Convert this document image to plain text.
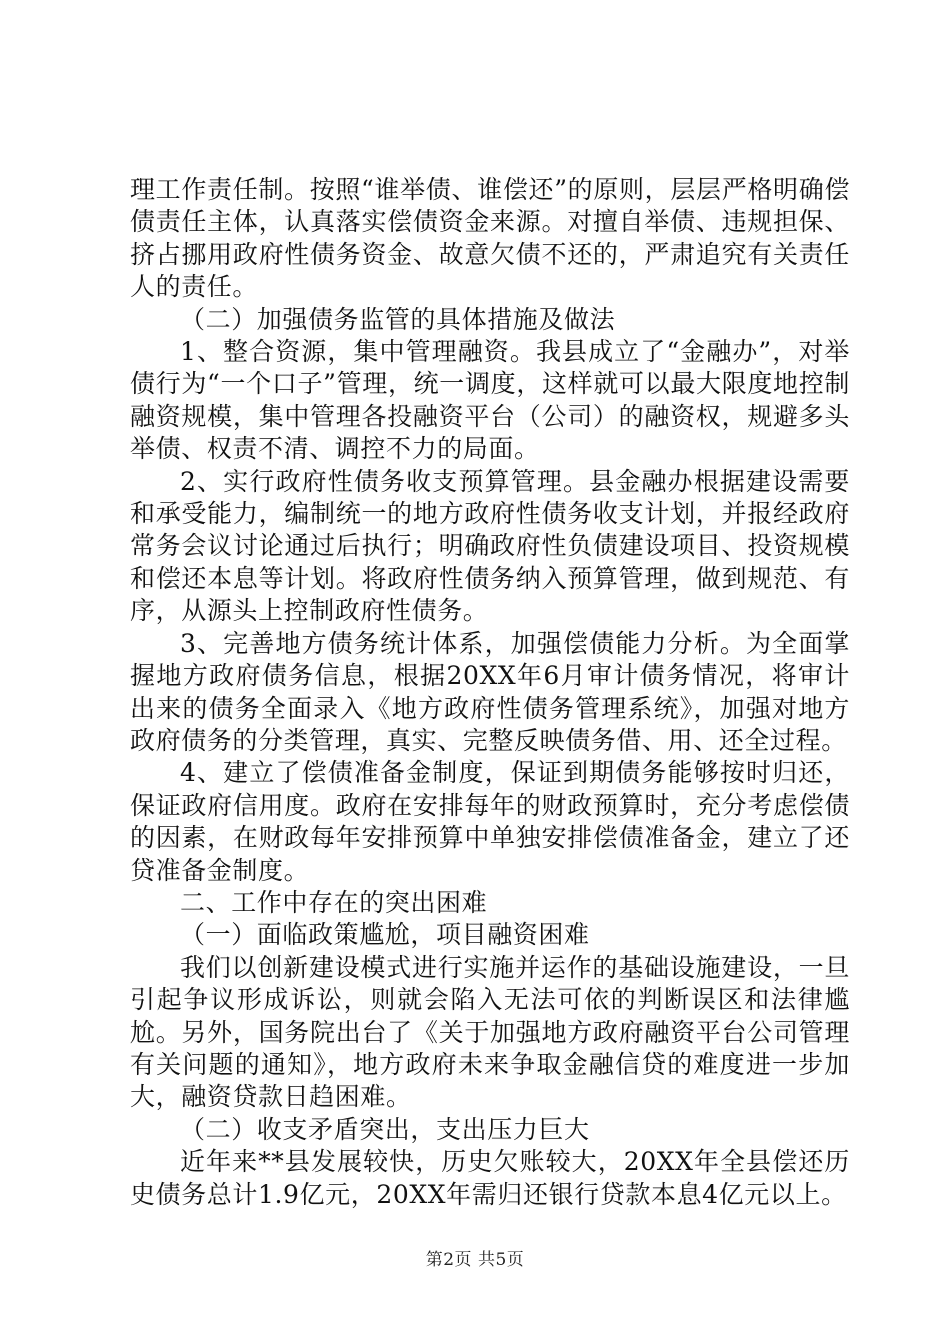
理工作责任制。按照“谁举债、谁偿还”的原则，层层严格明确偿债责任主体，认真落实偿债资金来源。对擅自举债、违规担保、挤占挪用政府性债务资金、故意欠债不还的，严肃追究有关责任人的责任。

（二）加强债务监管的具体措施及做法

1、整合资源，集中管理融资。我县成立了“金融办”，对举债行为“一个口子”管理，统一调度，这样就可以最大限度地控制融资规模，集中管理各投融资平台（公司）的融资权，规避多头举债、权责不清、调控不力的局面。

2、实行政府性债务收支预算管理。县金融办根据建设需要和承受能力，编制统一的地方政府性债务收支计划，并报经政府常务会议讨论通过后执行；明确政府性负债建设项目、投资规模和偿还本息等计划。将政府性债务纳入预算管理，做到规范、有序，从源头上控制政府性债务。

3、完善地方债务统计体系，加强偿债能力分析。为全面掌握地方政府债务信息，根据20XX年6月审计债务情况，将审计出来的债务全面录入《地方政府性债务管理系统》，加强对地方政府债务的分类管理，真实、完整反映债务借、用、还全过程。

4、建立了偿债准备金制度，保证到期债务能够按时归还，保证政府信用度。政府在安排每年的财政预算时，充分考虑偿债的因素，在财政每年安排预算中单独安排偿债准备金，建立了还贷准备金制度。

二、工作中存在的突出困难

（一）面临政策尴尬，项目融资困难

我们以创新建设模式进行实施并运作的基础设施建设，一旦引起争议形成诉讼，则就会陷入无法可依的判断误区和法律尴尬。另外，国务院出台了《关于加强地方政府融资平台公司管理有关问题的通知》，地方政府未来争取金融信贷的难度进一步加大，融资贷款日趋困难。

（二）收支矛盾突出，支出压力巨大

近年来**县发展较快，历史欠账较大，20XX年全县偿还历史债务总计1.9亿元，20XX年需归还银行贷款本息4亿元以上。

第2页 共5页
